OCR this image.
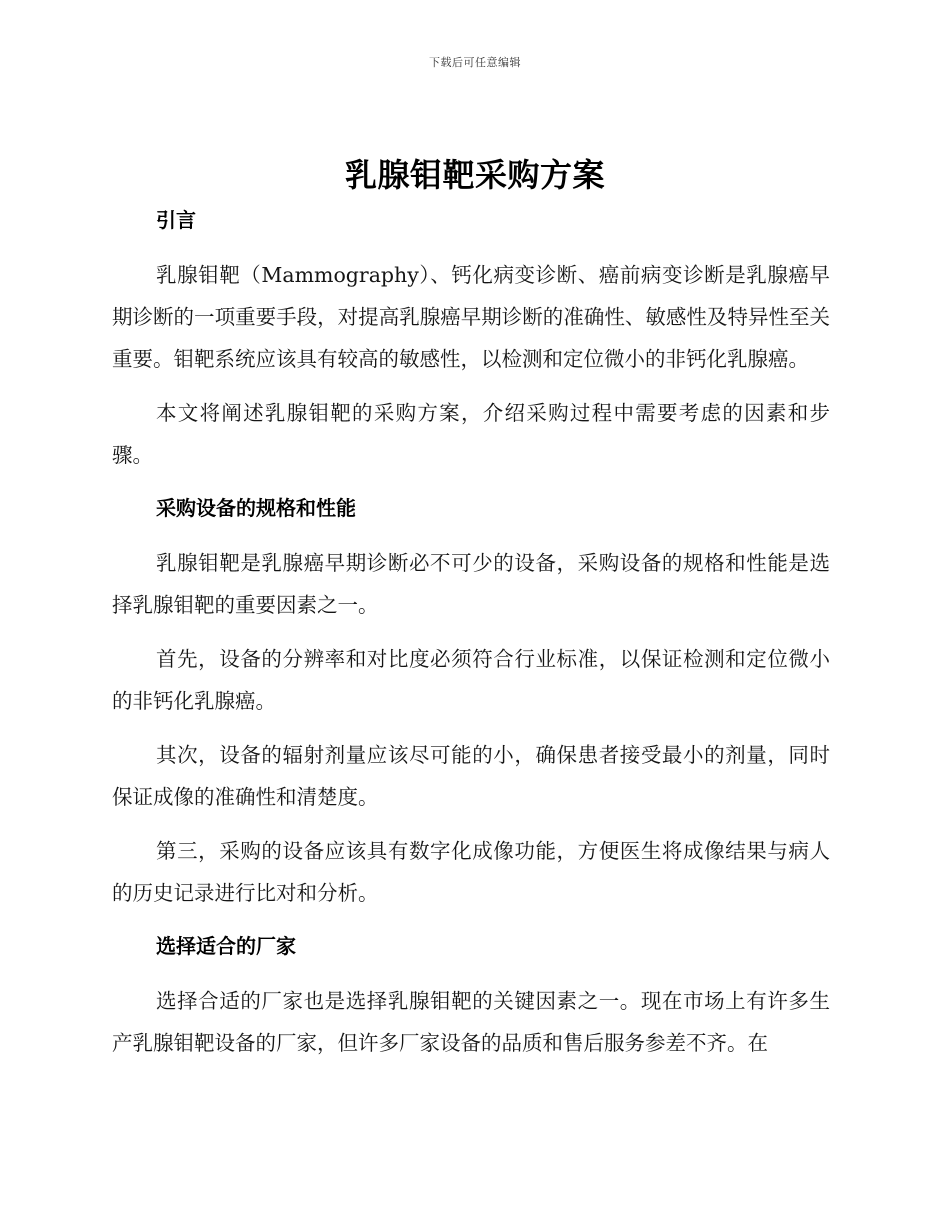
下载后可任意编辑
乳腺钼靶采购方案
引言

乳腺钼靶（Mammography）、钙化病变诊断、癌前病变诊断是乳腺癌早期诊断的一项重要手段，对提高乳腺癌早期诊断的准确性、敏感性及特异性至关重要。钼靶系统应该具有较高的敏感性，以检测和定位微小的非钙化乳腺癌。

本文将阐述乳腺钼靶的采购方案，介绍采购过程中需要考虑的因素和步骤。

采购设备的规格和性能

乳腺钼靶是乳腺癌早期诊断必不可少的设备，采购设备的规格和性能是选择乳腺钼靶的重要因素之一。

首先，设备的分辨率和对比度必须符合行业标准，以保证检测和定位微小的非钙化乳腺癌。

其次，设备的辐射剂量应该尽可能的小，确保患者接受最小的剂量，同时保证成像的准确性和清楚度。

第三，采购的设备应该具有数字化成像功能，方便医生将成像结果与病人的历史记录进行比对和分析。

选择适合的厂家

选择合适的厂家也是选择乳腺钼靶的关键因素之一。现在市场上有许多生产乳腺钼靶设备的厂家，但许多厂家设备的品质和售后服务参差不齐。在
